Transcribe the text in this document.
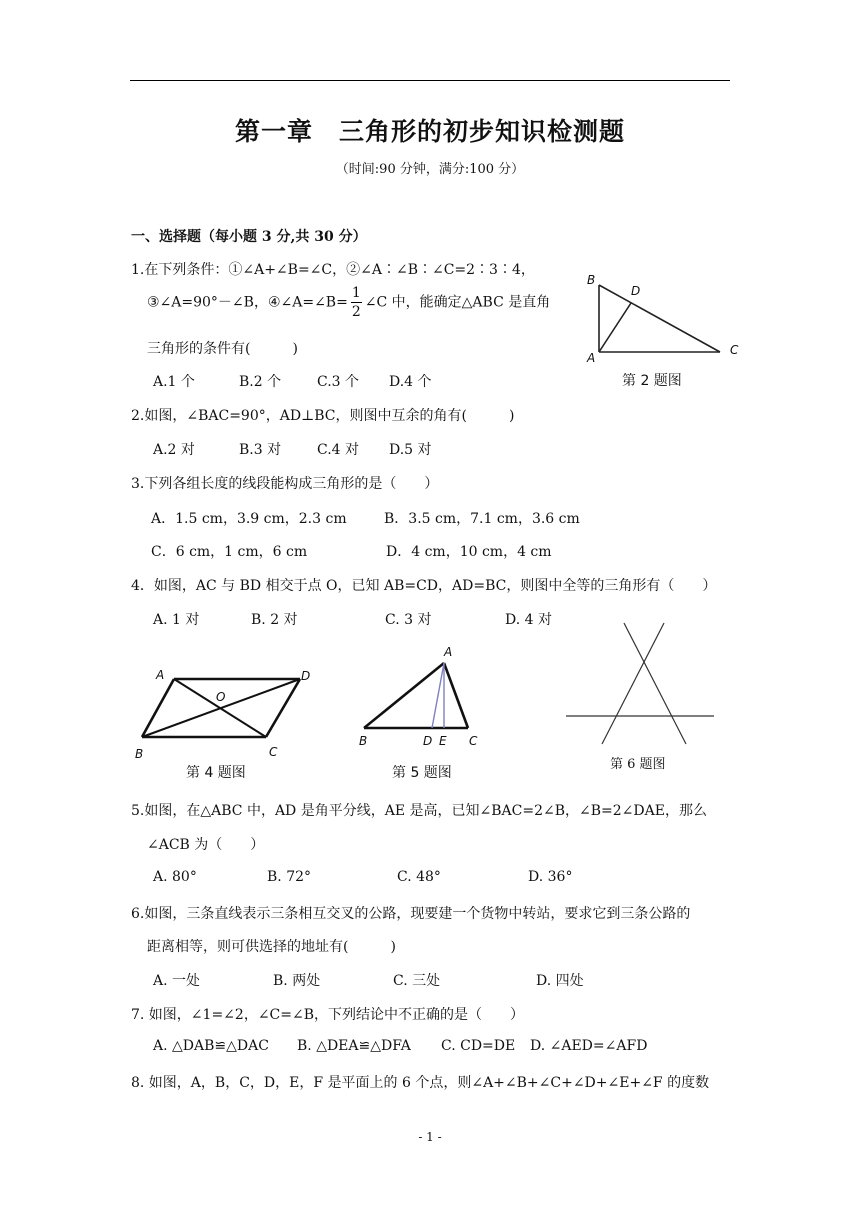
第一章　三角形的初步知识检测题
（时间:90 分钟，满分:100 分）
一、选择题（每小题 3 分,共 30 分）
1.在下列条件：①∠A+∠B=∠C，②∠A∶∠B∶∠C=2∶3∶4，
③∠A=90°－∠B，④∠A=∠B= $\frac{1}{2}$ ∠C 中，能确定△ABC 是直角
三角形的条件有(　　　)
A.1 个	B.2 个	C.3 个 D.4 个
B
D
A
C
第 2 题图
2.如图，∠BAC=90°，AD⊥BC，则图中互余的角有(　　　)
A.2 对	B.3 对	C.4 对 D.5 对
3.下列各组长度的线段能构成三角形的是（　　）
A．1.5 cm，3.9 cm，2.3 cm	B．3.5 cm，7.1 cm，3.6 cm
C．6 cm，1 cm，6 cm	D．4 cm，10 cm，4 cm
4．如图，AC 与 BD 相交于点 O，已知 AB=CD，AD=BC，则图中全等的三角形有（　　）
A. 1 对	B. 2 对	C. 3 对	D. 4 对
A	D
O
B	C
第 4 题图
A
B	D E C
第 5 题图
第 6 题图
5.如图，在△ABC 中，AD 是角平分线，AE 是高，已知∠BAC=2∠B，∠B=2∠DAE，那么
∠ACB 为（　　）
A. 80°	B. 72°	C. 48°	D. 36°
6.如图，三条直线表示三条相互交叉的公路，现要建一个货物中转站，要求它到三条公路的
距离相等，则可供选择的地址有(　　　)
A. 一处	B. 两处	C. 三处	D. 四处
7. 如图，∠1=∠2，∠C=∠B，下列结论中不正确的是（　　）
A. △DAB≌△DAC B. △DEA≌△DFA C. CD=DE D. ∠AED=∠AFD
8. 如图，A，B，C，D，E，F 是平面上的 6 个点，则∠A+∠B+∠C+∠D+∠E+∠F 的度数
- 1 -
